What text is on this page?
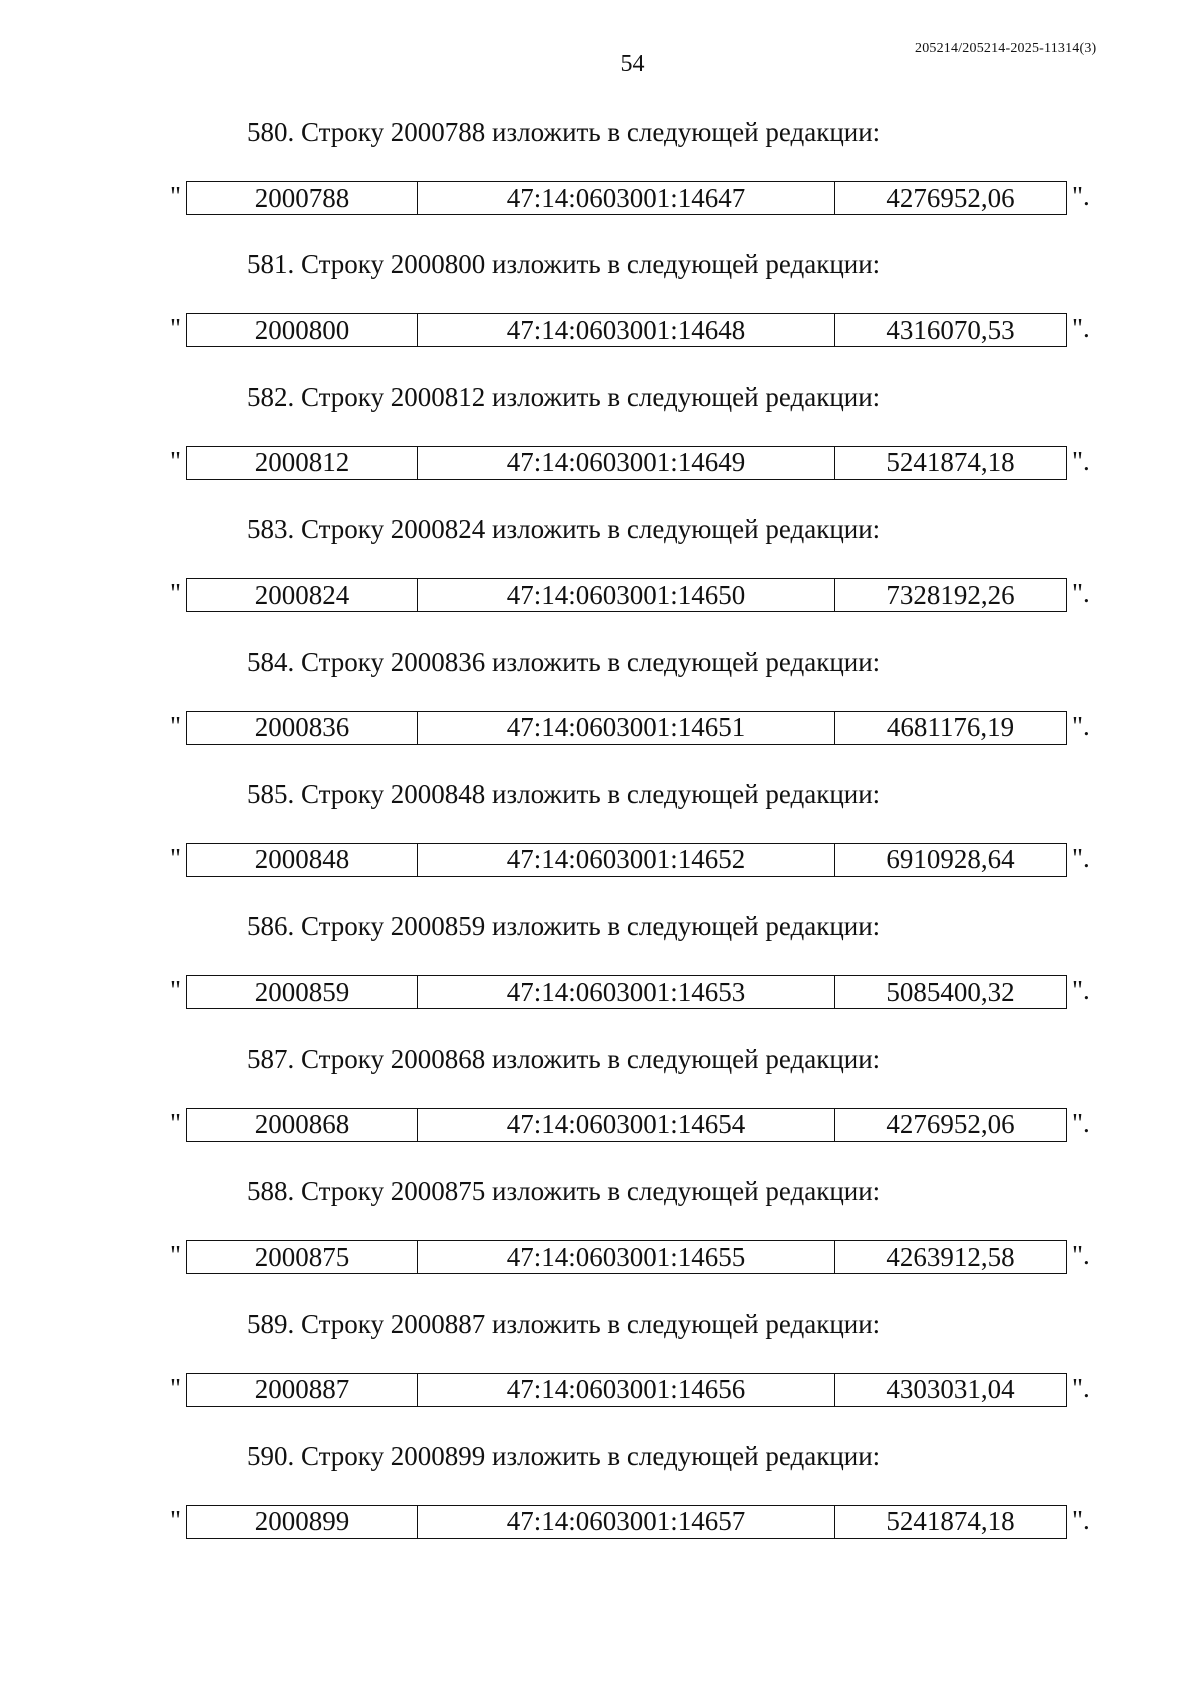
54
205214/205214-2025-11314(3)
580. Строку 2000788 изложить в следующей редакции:
"	2000788	47:14:0603001:14647	4276952,06 ".
581. Строку 2000800 изложить в следующей редакции:
"	2000800	47:14:0603001:14648	4316070,53 ".
582. Строку 2000812 изложить в следующей редакции:
"	2000812	47:14:0603001:14649	5241874,18 ".
583. Строку 2000824 изложить в следующей редакции:
"	2000824	47:14:0603001:14650	7328192,26 ".
584. Строку 2000836 изложить в следующей редакции:
"	2000836	47:14:0603001:14651	4681176,19 ".
585. Строку 2000848 изложить в следующей редакции:
"	2000848	47:14:0603001:14652	6910928,64 ".
586. Строку 2000859 изложить в следующей редакции:
"	2000859	47:14:0603001:14653	5085400,32 ".
587. Строку 2000868 изложить в следующей редакции:
"	2000868	47:14:0603001:14654	4276952,06 ".
588. Строку 2000875 изложить в следующей редакции:
"	2000875	47:14:0603001:14655	4263912,58 ".
589. Строку 2000887 изложить в следующей редакции:
"	2000887	47:14:0603001:14656	4303031,04 ".
590. Строку 2000899 изложить в следующей редакции:
"	2000899	47:14:0603001:14657	5241874,18 ".
